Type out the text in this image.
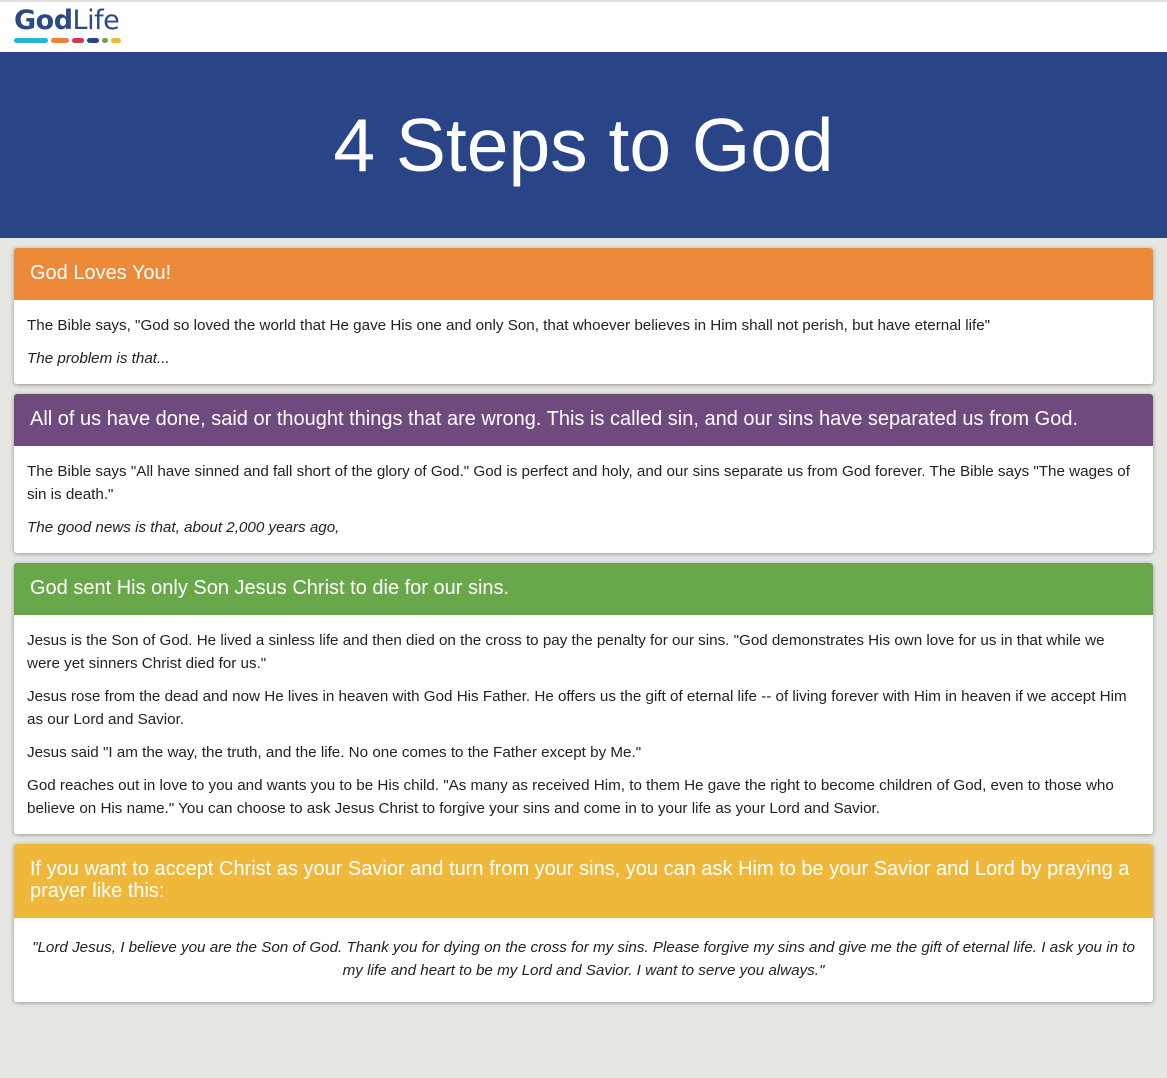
GodLife
4 Steps to God
God Loves You!

The Bible says, "God so loved the world that He gave His one and only Son, that whoever believes in Him shall not perish, but have eternal life"

The problem is that...

All of us have done, said or thought things that are wrong. This is called sin, and our sins have separated us from God.

The Bible says "All have sinned and fall short of the glory of God." God is perfect and holy, and our sins separate us from God forever. The Bible says "The wages of sin is death."

The good news is that, about 2,000 years ago,

God sent His only Son Jesus Christ to die for our sins.

Jesus is the Son of God. He lived a sinless life and then died on the cross to pay the penalty for our sins. "God demonstrates His own love for us in that while we were yet sinners Christ died for us."

Jesus rose from the dead and now He lives in heaven with God His Father. He offers us the gift of eternal life -- of living forever with Him in heaven if we accept Him as our Lord and Savior.

Jesus said "I am the way, the truth, and the life. No one comes to the Father except by Me."

God reaches out in love to you and wants you to be His child. "As many as received Him, to them He gave the right to become children of God, even to those who believe on His name." You can choose to ask Jesus Christ to forgive your sins and come in to your life as your Lord and Savior.

If you want to accept Christ as your Savior and turn from your sins, you can ask Him to be your Savior and Lord by praying a prayer like this:

"Lord Jesus, I believe you are the Son of God. Thank you for dying on the cross for my sins. Please forgive my sins and give me the gift of eternal life. I ask you in to my life and heart to be my Lord and Savior. I want to serve you always."
